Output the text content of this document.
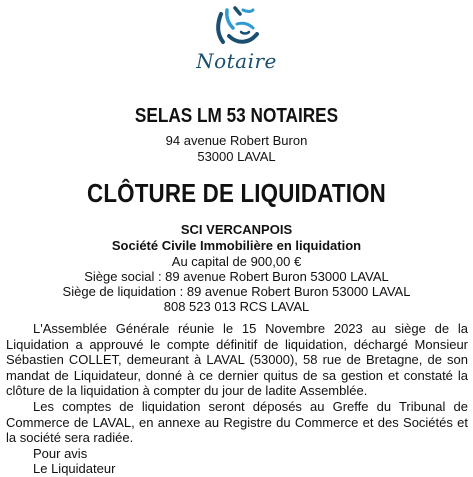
Notaire
SELAS LM 53 NOTAIRES
94 avenue Robert Buron
53000 LAVAL
CLÔTURE DE LIQUIDATION
SCI VERCANPOIS
Société Civile Immobilière en liquidation
Au capital de 900,00 €
Siège social : 89 avenue Robert Buron 53000 LAVAL
Siège de liquidation : 89 avenue Robert Buron 53000 LAVAL
808 523 013 RCS LAVAL

L'Assemblée Générale réunie le 15 Novembre 2023 au siège de la Liquidation a approuvé le compte définitif de liquidation, déchargé Monsieur Sébastien COLLET, demeurant à LAVAL (53000), 58 rue de Bretagne, de son mandat de Liquidateur, donné à ce dernier quitus de sa gestion et constaté la clôture de la liquidation à compter du jour de ladite Assemblée.

Les comptes de liquidation seront déposés au Greffe du Tribunal de Commerce de LAVAL, en annexe au Registre du Commerce et des Sociétés et la société sera radiée.

Pour avis
Le Liquidateur
